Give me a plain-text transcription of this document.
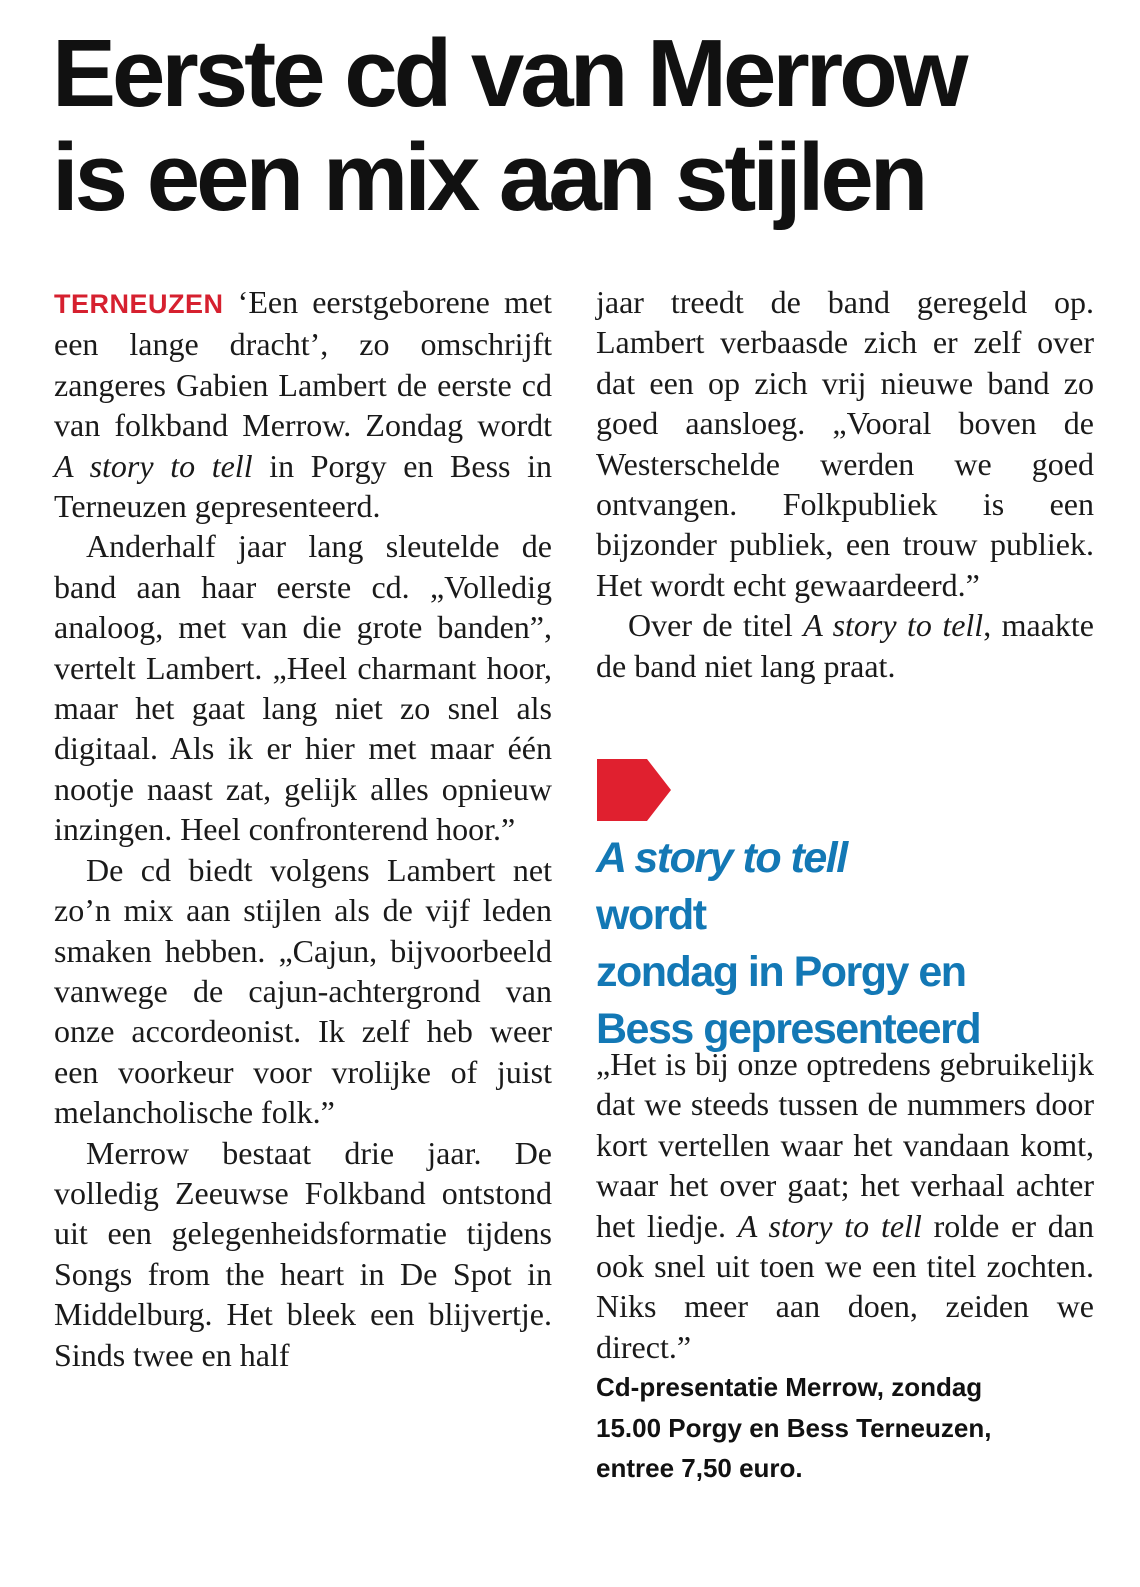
Eerste cd van Merrow
is een mix aan stijlen

TERNEUZEN ‘Een eerstgeborene met een lange dracht’, zo omschrijft zangeres Gabien Lambert de eerste cd van folkband Merrow. Zondag wordt A story to tell in Porgy en Bess in Terneuzen gepresenteerd.

Anderhalf jaar lang sleutelde de band aan haar eerste cd. „Volledig analoog, met van die grote banden”, vertelt Lambert. „Heel charmant hoor, maar het gaat lang niet zo snel als digitaal. Als ik er hier met maar één nootje naast zat, gelijk alles opnieuw inzingen. Heel confronterend hoor.”

De cd biedt volgens Lambert net zo’n mix aan stijlen als de vijf leden smaken hebben. „Cajun, bijvoorbeeld vanwege de cajun-achtergrond van onze accordeonist. Ik zelf heb weer een voorkeur voor vrolijke of juist melancholische folk.”

Merrow bestaat drie jaar. De volledig Zeeuwse Folkband ontstond uit een gelegenheidsformatie tijdens Songs from the heart in De Spot in Middelburg. Het bleek een blijvertje. Sinds twee en half

jaar treedt de band geregeld op. Lambert verbaasde zich er zelf over dat een op zich vrij nieuwe band zo goed aansloeg. „Vooral boven de Westerschelde werden we goed ontvangen. Folkpubliek is een bijzonder publiek, een trouw publiek. Het wordt echt gewaardeerd.”

Over de titel A story to tell, maakte de band niet lang praat.

A story to tell
wordt
zondag in Porgy en
Bess gepresenteerd

„Het is bij onze optredens gebruikelijk dat we steeds tussen de nummers door kort vertellen waar het vandaan komt, waar het over gaat; het verhaal achter het liedje. A story to tell rolde er dan ook snel uit toen we een titel zochten. Niks meer aan doen, zeiden we direct.”

Cd-presentatie Merrow, zondag
15.00 Porgy en Bess Terneuzen,
entree 7,50 euro.
